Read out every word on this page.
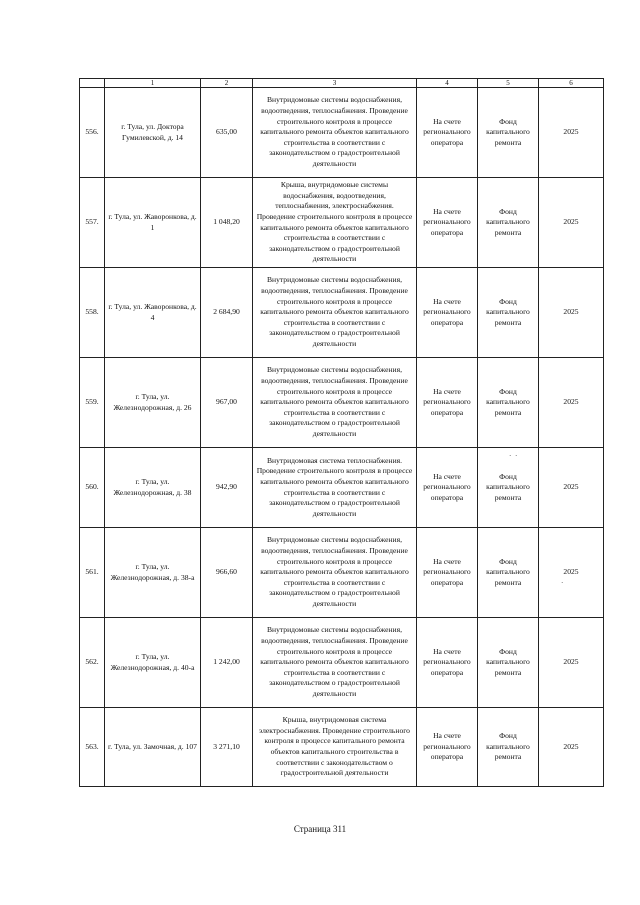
	1	2	3	4	5	6
556.	г. Тула, ул. Доктора Гумилевской, д. 14	635,00	Внутридомовые системы водоснабжения, водоотведения, теплоснабжения. Проведение строительного контроля в процессе капитального ремонта объектов капитального строительства в соответствии с законодательством о градостроительной деятельности	На счете регионального оператора	Фонд капитального ремонта	2025
557.	г. Тула, ул. Жаворонкова, д. 1	1 048,20	Крыша, внутридомовые системы водоснабжения, водоотведения, теплоснабжения, электроснабжения. Проведение строительного контроля в процессе капитального ремонта объектов капитального строительства в соответствии с законодательством о градостроительной деятельности	На счете регионального оператора	Фонд капитального ремонта	2025
558.	г. Тула, ул. Жаворонкова, д. 4	2 684,90	Внутридомовые системы водоснабжения, водоотведения, теплоснабжения. Проведение строительного контроля в процессе капитального ремонта объектов капитального строительства в соответствии с законодательством о градостроительной деятельности	На счете регионального оператора	Фонд капитального ремонта	2025
559.	г. Тула, ул. Железнодорожная, д. 26	967,00	Внутридомовые системы водоснабжения, водоотведения, теплоснабжения. Проведение строительного контроля в процессе капитального ремонта объектов капитального строительства в соответствии с законодательством о градостроительной деятельности	На счете регионального оператора	Фонд капитального ремонта	2025
560.	г. Тула, ул. Железнодорожная, д. 38	942,90	Внутридомовая система теплоснабжения. Проведение строительного контроля в процессе капитального ремонта объектов капитального строительства в соответствии с законодательством о градостроительной деятельности	На счете регионального оператора	Фонд капитального ремонта	2025
561.	г. Тула, ул. Железнодорожная, д. 38-а	966,60	Внутридомовые системы водоснабжения, водоотведения, теплоснабжения. Проведение строительного контроля в процессе капитального ремонта объектов капитального строительства в соответствии с законодательством о градостроительной деятельности	На счете регионального оператора	Фонд капитального ремонта	2025
562.	г. Тула, ул. Железнодорожная, д. 40-а	1 242,00	Внутридомовые системы водоснабжения, водоотведения, теплоснабжения. Проведение строительного контроля в процессе капитального ремонта объектов капитального строительства в соответствии с законодательством о градостроительной деятельности	На счете регионального оператора	Фонд капитального ремонта	2025
563.	г. Тула, ул. Замочная, д. 107	3 271,10	Крыша, внутридомовая система электроснабжения. Проведение строительного контроля в процессе капитального ремонта объектов капитального строительства в соответствии с законодательством о градостроительной деятельности	На счете регионального оператора	Фонд капитального ремонта	2025
· ·
·
Страница 311
